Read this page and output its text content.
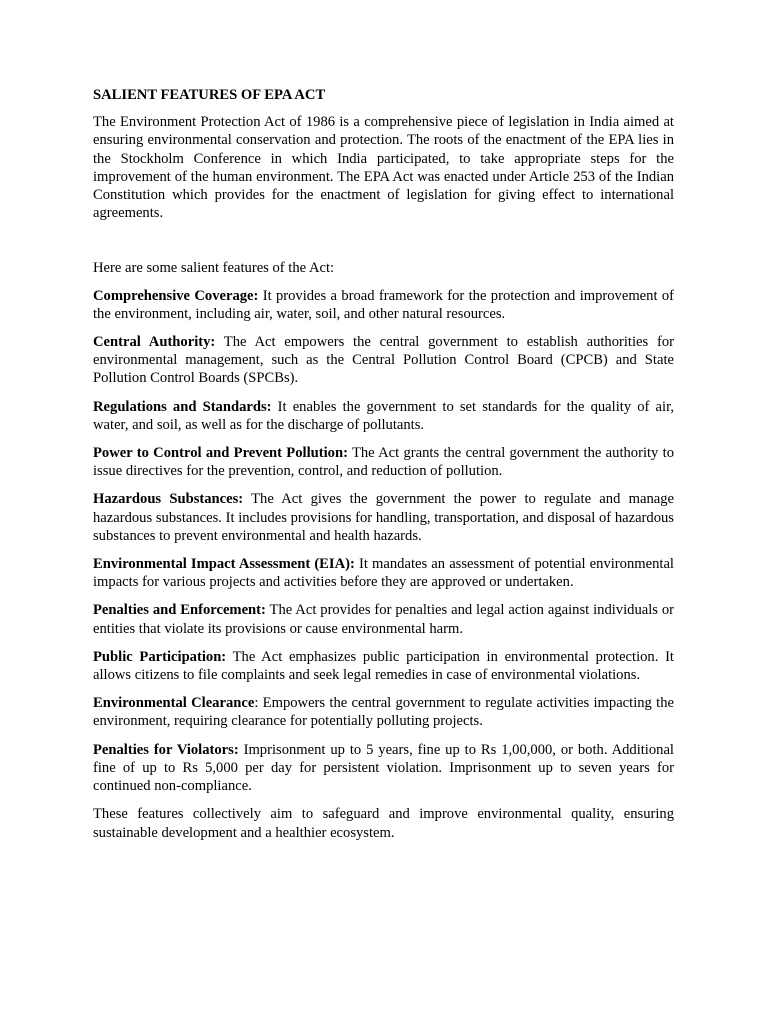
SALIENT FEATURES OF EPA ACT

The Environment Protection Act of 1986 is a comprehensive piece of legislation in India aimed at ensuring environmental conservation and protection. The roots of the enactment of the EPA lies in the Stockholm Conference in which India participated, to take appropriate steps for the improvement of the human environment. The EPA Act was enacted under Article 253 of the Indian Constitution which provides for the enactment of legislation for giving effect to international agreements.

Here are some salient features of the Act:

Comprehensive Coverage: It provides a broad framework for the protection and improvement of the environment, including air, water, soil, and other natural resources.

Central Authority: The Act empowers the central government to establish authorities for environmental management, such as the Central Pollution Control Board (CPCB) and State Pollution Control Boards (SPCBs).

Regulations and Standards: It enables the government to set standards for the quality of air, water, and soil, as well as for the discharge of pollutants.

Power to Control and Prevent Pollution: The Act grants the central government the authority to issue directives for the prevention, control, and reduction of pollution.

Hazardous Substances: The Act gives the government the power to regulate and manage hazardous substances. It includes provisions for handling, transportation, and disposal of hazardous substances to prevent environmental and health hazards.

Environmental Impact Assessment (EIA): It mandates an assessment of potential environmental impacts for various projects and activities before they are approved or undertaken.

Penalties and Enforcement: The Act provides for penalties and legal action against individuals or entities that violate its provisions or cause environmental harm.

Public Participation: The Act emphasizes public participation in environmental protection. It allows citizens to file complaints and seek legal remedies in case of environmental violations.

Environmental Clearance: Empowers the central government to regulate activities impacting the environment, requiring clearance for potentially polluting projects.

Penalties for Violators: Imprisonment up to 5 years, fine up to Rs 1,00,000, or both. Additional fine of up to Rs 5,000 per day for persistent violation. Imprisonment up to seven years for continued non-compliance.

These features collectively aim to safeguard and improve environmental quality, ensuring sustainable development and a healthier ecosystem.
